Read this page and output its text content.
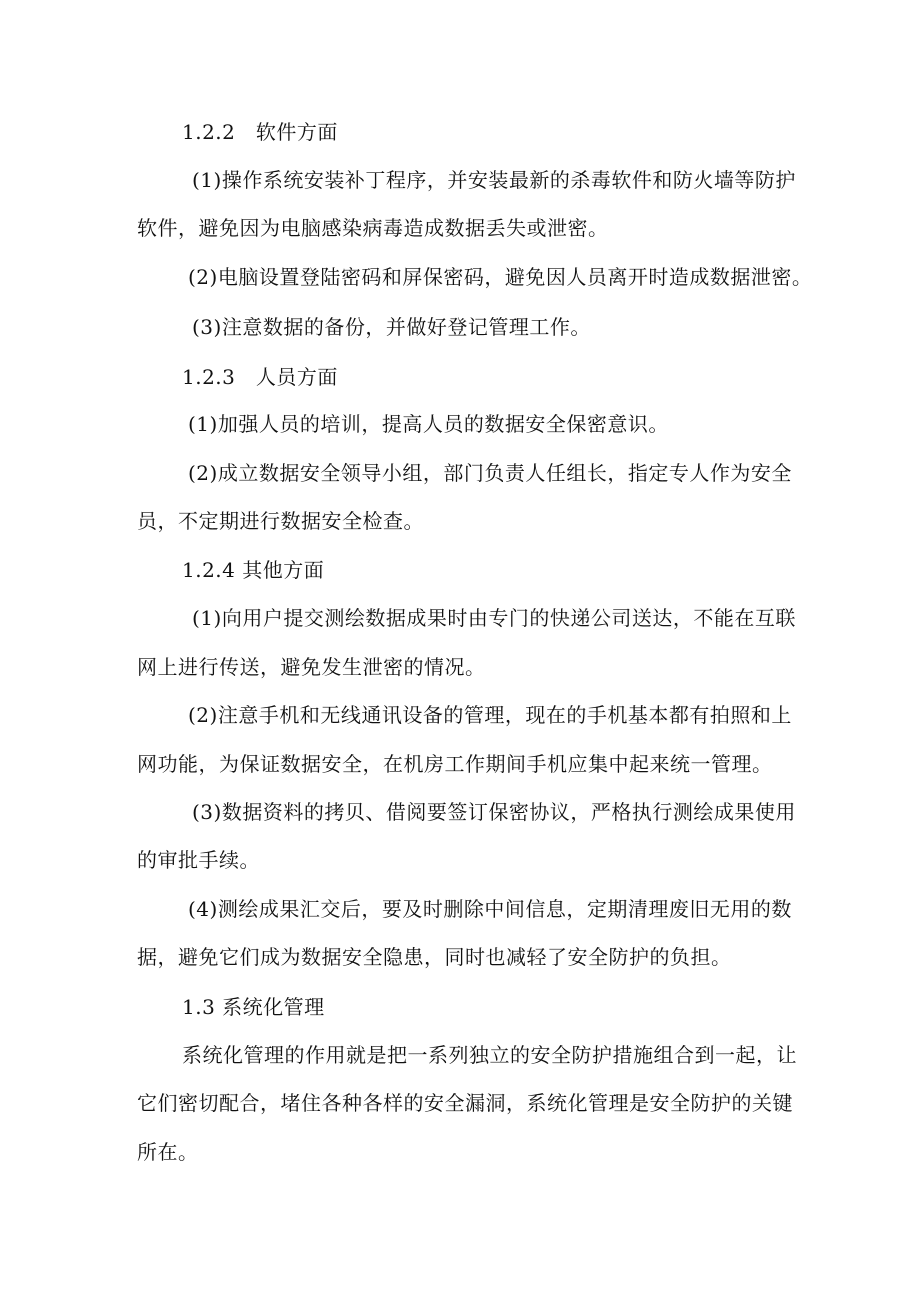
1.2.2　软件方面
(1)操作系统安装补丁程序，并安装最新的杀毒软件和防火墙等防护
软件，避免因为电脑感染病毒造成数据丢失或泄密。
(2)电脑设置登陆密码和屏保密码，避免因人员离开时造成数据泄密。
(3)注意数据的备份，并做好登记管理工作。
1.2.3　人员方面
(1)加强人员的培训，提高人员的数据安全保密意识。
(2)成立数据安全领导小组，部门负责人任组长，指定专人作为安全
员，不定期进行数据安全检查。
1.2.4 其他方面
(1)向用户提交测绘数据成果时由专门的快递公司送达，不能在互联
网上进行传送，避免发生泄密的情况。
(2)注意手机和无线通讯设备的管理，现在的手机基本都有拍照和上
网功能，为保证数据安全，在机房工作期间手机应集中起来统一管理。
(3)数据资料的拷贝、借阅要签订保密协议，严格执行测绘成果使用
的审批手续。
(4)测绘成果汇交后，要及时删除中间信息，定期清理废旧无用的数
据，避免它们成为数据安全隐患，同时也减轻了安全防护的负担。
1.3 系统化管理
系统化管理的作用就是把一系列独立的安全防护措施组合到一起，让
它们密切配合，堵住各种各样的安全漏洞，系统化管理是安全防护的关键
所在。
